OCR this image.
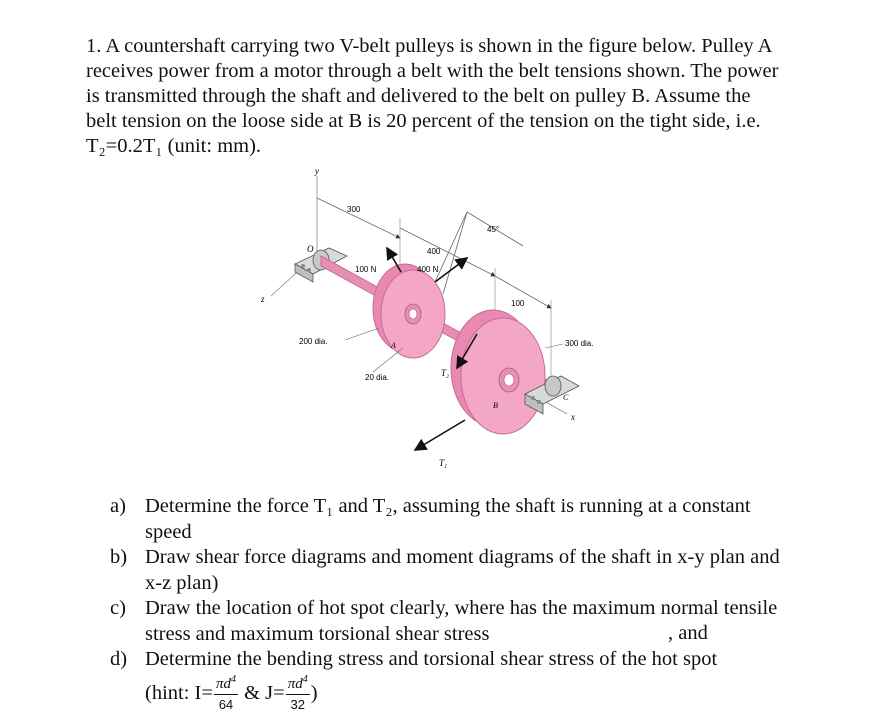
1. A countershaft carrying two V-belt pulleys is shown in the figure below. Pulley A receives power from a motor through a belt with the belt tensions shown. The power is transmitted through the shaft and delivered to the belt on pulley B. Assume the belt tension on the loose side at B is 20 percent of the tension on the tight side, i.e. T₂=0.2T₁ (unit: mm).

y
z
x
O
300
400
100
45°
100 N	400 N
200 dia.	300 dia.
20 dia.
A
B
C
T₂
T₁
a) Determine the force T₁ and T₂, assuming the shaft is running at a constant speed
b) Draw shear force diagrams and moment diagrams of the shaft in x-y plan and x-z plan)
c) Draw the location of hot spot clearly, where has the maximum normal tensile stress and maximum torsional shear stress
d) Determine the bending stress and torsional shear stress of the hot spot
, and
(hint: $I= \frac{\pi d^4}{64}$ & $J= \frac{\pi d^4}{32}$ )
